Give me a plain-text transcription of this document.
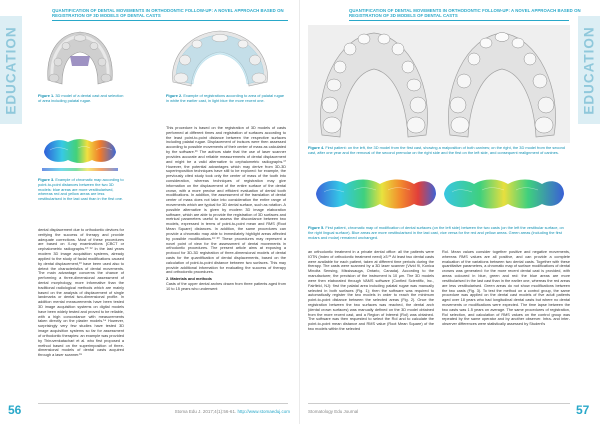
QUANTIFICATION OF DENTAL MOVEMENTS IN ORTHODONTIC FOLLOW-UP: A NOVEL APPROACH BASED ON REGISTRATION OF 3D MODELS OF DENTAL CASTS
EDUCATION	Figure 1. 3D model of a dental cast and selection of area including palatal rugae.
Figure 2. Example of registrations according to area of palatal rugae in white the earlier cast, in light blue the more recent one.
Figure 3. Example of chromatic map according to point-to-point distances between the two 3D models: blue areas are more vestibularised, whereas red and yellow areas are less vestibularised in the last cast than in the first one.
dental displacement due to orthodontic devices for verifying the success of therapy and provide adequate corrections. Most of these procedures are based on X-ray examinations (CBCT or cephalometric radiographs.¹⁰⁻¹² In the last years modern 3D image acquisition systems, already applied to the study of facial modifications caused by dental displacement,¹³ have been used also to detect the characteristics of dental movements. The main advantage concerns the chance of performing a three-dimensional assessment of dental morphology, more informative than the traditional radiological methods which are mainly based on the analysis of displacement of single landmarks or dental two-dimensional profile. In addition mental measurements have been tested 3D image acquisition systems on digital models have been widely tested and proved to be reliable, with a high concordance with measurements taken directly on the plaster models.¹⁴ However, surprisingly very few studies have tested 3D image acquisition systems so far for assessment of orthodontic therapies: an example was provided by Thiruvenkatachari et al. who first proposed a method based on the superimposition of three-dimensional models of dental casts acquired through a laser scanner.¹⁵

This procedure is based on the registration of 3D models of casts performed at different times and registration of surfaces according to the least point-to-point distance between the respective surfaces including palatal rugae. Displacement of incisors were then assessed according to possible movements of their center of mass as calculated by the software.¹⁶ The authors state that the use of laser scanner provides accurate and reliable measurements of dental displacement and might be a valid alternative to cephalometric radiographs.¹⁷ However, the potential advantages which may derive from 3D-3D superimposition techniques have still to be explored: for example, the previously cited study took only the center of mass of the tooth into consideration, whereas techniques of registration may give information on the displacement of the entire surface of the dental crown, with a more precise and efficient evaluation of dental tooth modifications. In addition, the assessment of the translation of dental center of mass does not take into consideration the entire range of movements which are typical for 3D dental surface, such as rotation. A possible alternative is given by modern 3D image elaboration software, which are able to provide the registration of 3D surfaces and metrical parameters useful to assess the discordance between two models, expressed in terms of point-to-point mean and RMS (Root Mean Square) distances. In addition, the same procedures can provide a chromatic map able to immediately highlight areas affected by possible modifications.¹⁸⁻²⁰ These procedures may represent a novel point of view for the assessment of dental movements in orthodontic procedures. The present article aims at exposing a protocol for 3D-3D registration of three-dimensional models of dental casts for the quantification of dental displacements, based on the calculation of point-to-point distance between two surfaces. This may provide additional information for evaluating the success of therapy and orthodontic procedures.

2. Materials and methods

Casts of the upper dental arches drawn from three patients aged from 10 to 15 years who underwent

56	Stoma Edu J. 2017;4(1):56-61. http://www.stomaeduj.com
QUANTIFICATION OF DENTAL MOVEMENTS IN ORTHODONTIC FOLLOW-UP: A NOVEL APPROACH BASED ON REGISTRATION OF 3D MODELS OF DENTAL CASTS
EDUCATION
Figure 4. First patient: on the left, the 3D model from the first cast, showing a malposition of both canines; on the right, the 3D model from the second cast, after one year and the removal of the second premolar on the right side and the first on the left side, and consequent realignment of canines.
Figure 5. First patient, chromatic map of modification of dental surfaces (on the left side) between the two casts (on the left the vestibular surface, on the right lingual surface). Blue areas are more vestibularised in the last cast, vice versa for the red and yellow areas. Green areas (including the first molars and molar) remained unchanged.
an orthodontic treatment in a private dental office: all the patients were IOTN (Index of orthodontic treatment need) ≥3.²¹ At least two dental casts were available for each patient, taken at different time periods during the therapy. The casts were scanned by a 3D laser scanner (Vivid 9i, Konica Minolta Sensing, Mississauga, Ontario, Canada). According to the manufacturer, the precision of the instrument is 10 µm. The 3D models were then elaborated through VAMS software (Confied Scientific, Inc., Fairfield, NJ): first the palatal area including palatal rugae was manually selected in both surfaces (Fig. 1); then the software was required to automatically register the two models in order to reach the minimum point-to-point distance between the selected areas (Fig. 2). Once the registration between the two surfaces was reached, the dental arch (dental crown surfaces) was manually defined on the 3D model obtained from the more recent cast, and a Region of Interest (RoI) was obtained. The software was then requested to select the RoI and to calculate the point-to-point mean distance and RMS value (Root Mean Square) of the two models within the selected
RoI. Mean values consider together positive and negative movements, whereas RMS values are all positive, and can provide a complete evaluation of the variations between two dental casts. Together with these quantitative parameters, a chromatic map of surface modifications of dental crowns was generated: for the more recent dental cast is provided, with areas coloured in blue, green and red: the blue areas are more vestibularised in the last cast than in the earlier one, whereas the red areas are less vestibularised. Green areas do not show modifications between the two casts (Fig. 3). To test the method on a control group, the same procedure was applied on the dental cast models of five adult patients aged over 18 years who had longitudinal dental casts but where no dental movements or modifications were expected. The time lapse between the two casts was 1.5 years on average. The same procedures of registration, RoI selection, and calculation of RMS values on the control group was repeated by the same operator and by another observer. Intra- and inter-observer differences were statistically assessed by Student's
Stomatology Edu Journal	57
